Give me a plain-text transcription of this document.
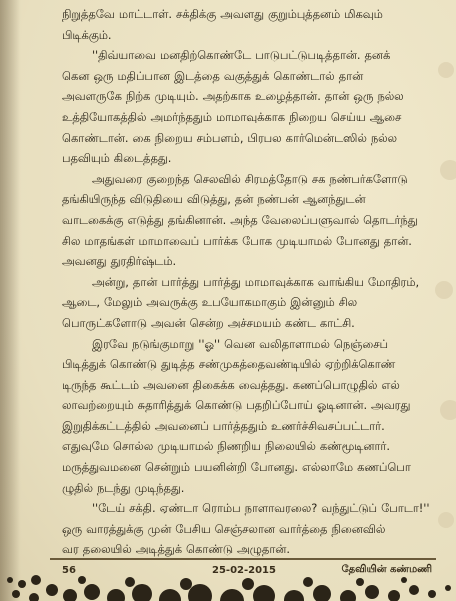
நிறுத்தவே மாட்டாள். சக்திக்கு அவளது குறும்புத்தனம் மிகவும்
பிடிக்கும்.
''திவ்யாவை மனதிற்கொண்டே பாடுபட்டுபடித்தான். தனக்
கென ஒரு மதிப்பான இடத்தை வகுத்துக் கொண்டால் தான்
அவளருகே நிற்க முடியும். அதற்காக உழைத்தான். தான் ஒரு நல்ல
உத்தியோகத்தில் அமர்ந்ததும் மாமாவுக்காக நிறைய செய்ய ஆசை
கொண்டான். கை நிறைய சம்பளம், பிரபல கார்மென்டஸில் நல்ல
பதவியும் கிடைத்தது.
அதுவரை குறைந்த செலவில் சிரமத்தோடு சக நண்பர்களோடு
தங்கியிருந்த விடுதியை விடுத்து, தன் நண்பன் ஆனந்துடன்
வாடகைக்கு எடுத்து தங்கினான். அந்த வேலைப்பளுவால் தொடர்ந்து
சில மாதங்கள் மாமாவைப் பார்க்க போக முடியாமல் போனது தான்.
அவனது துரதிர்ஷ்டம்.
அன்று, தான் பார்த்து பார்த்து மாமாவுக்காக வாங்கிய மோதிரம்,
ஆடை, மேலும் அவருக்கு உபயோகமாகும் இன்னும் சில
பொருட்களோடு அவன் சென்ற அச்சமயம் கண்ட காட்சி.
இரவே நடுங்குமாறு ''ஓ'' வென வலிதாளாமல் நெஞ்சைப்
பிடித்துக் கொண்டு துடித்த சண்முகத்தைவண்டியில் ஏற்றிக்கொண்
டிருந்த கூட்டம் அவனை திகைக்க வைத்தது. கணப்பொழுதில் எல்
லாவற்றையும் சுதாரித்துக் கொண்டு பதறிப்போய் ஓடினான். அவரது
இறுதிக்கட்டத்தில் அவனைப் பார்த்ததும் உணர்ச்சிவசப்பட்டார்.
எதுவுமே சொல்ல முடியாமல் நிணறிய நிலையில் கண்மூடினார்.
மருத்துவமனை சென்றும் பயனின்றி போனது. எல்லாமே கணப்பொ
ழுதில் நடந்து முடிந்தது.
''டேய் சக்தி. ஏண்டா ரொம்ப நாளாவரலை? வந்துட்டுப் போடா!''
ஒரு வாரத்துக்கு முன் பேசிய செஞ்சலான வார்த்தை நினைவில்
வர தலையில் அடித்துக் கொண்டு அழுதான்.
56	25-02-2015	தேவியின் கண்மணி
